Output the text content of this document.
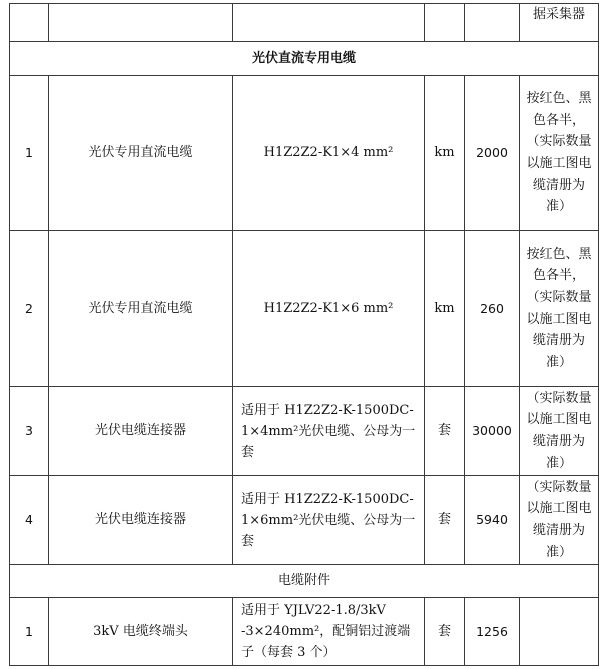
					据采集器
光伏直流专用电缆					
1	光伏专用直流电缆	H1Z2Z2-K1×4 mm²	km	2000	按红色、黑色各半，（实际数量以施工图电缆清册为准）
2	光伏专用直流电缆	H1Z2Z2-K1×6 mm²	km	260	按红色、黑色各半，（实际数量以施工图电缆清册为准）
3	光伏电缆连接器	适用于 H1Z2Z2-K-1500DC-1×4mm²光伏电缆、公母为一套	套	30000	（实际数量以施工图电缆清册为准）
4	光伏电缆连接器	适用于 H1Z2Z2-K-1500DC-1×6mm²光伏电缆、公母为一套	套	5940	（实际数量以施工图电缆清册为准）
电缆附件					
1	3kV 电缆终端头	适用于 YJLV22-1.8/3kV -3×240mm²，配铜铝过渡端子（每套 3 个）	套	1256	
